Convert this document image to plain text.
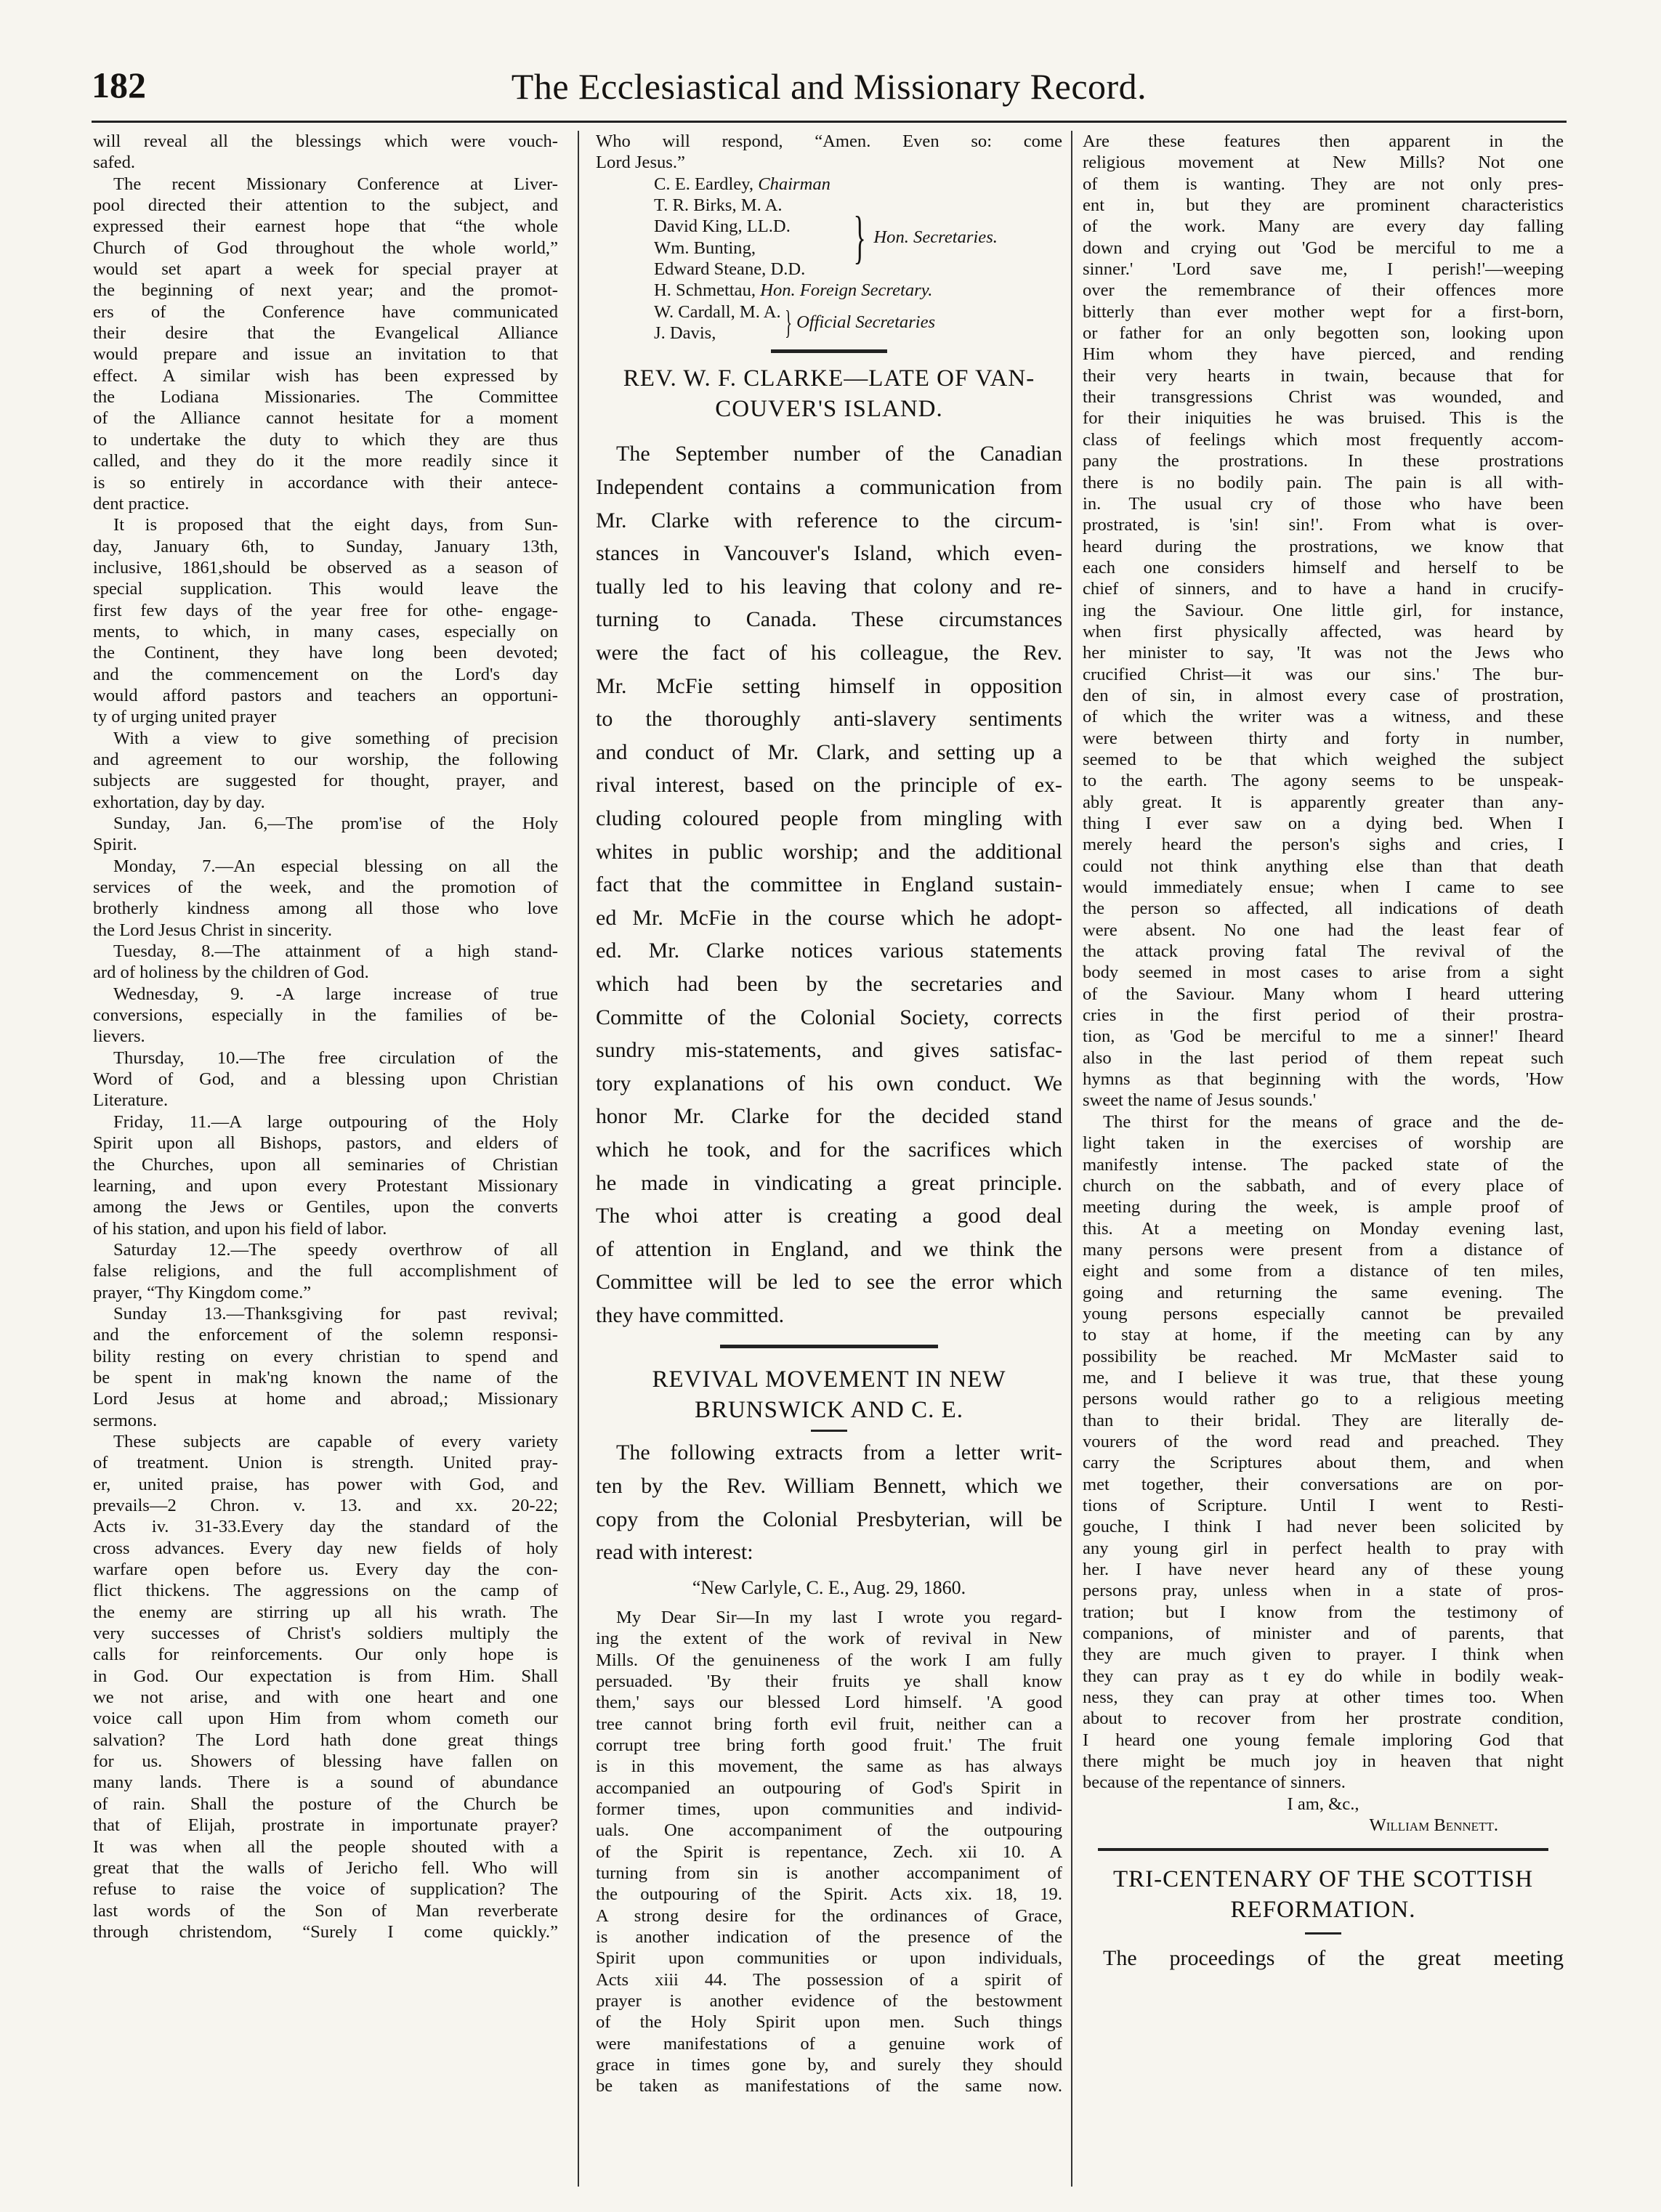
182	The Ecclesiastical and Missionary Record.
will reveal all the blessings which were vouch-
safed.
The recent Missionary Conference at Liver-
pool directed their attention to the subject, and
expressed their earnest hope that “the whole
Church of God throughout the whole world,”
would set apart a week for special prayer at
the beginning of next year; and the promot-
ers of the Conference have communicated
their desire that the Evangelical Alliance
would prepare and issue an invitation to that
effect. A similar wish has been expressed by
the Lodiana Missionaries. The Committee
of the Alliance cannot hesitate for a moment
to undertake the duty to which they are thus
called, and they do it the more readily since it
is so entirely in accordance with their antece-
dent practice.
It is proposed that the eight days, from Sun-
day, January 6th, to Sunday, January 13th,
inclusive, 1861,should be observed as a season of
special supplication. This would leave the
first few days of the year free for othe- engage-
ments, to which, in many cases, especially on
the Continent, they have long been devoted;
and the commencement on the Lord's day
would afford pastors and teachers an opportuni-
ty of urging united prayer
With a view to give something of precision
and agreement to our worship, the following
subjects are suggested for thought, prayer, and
exhortation, day by day.
Sunday, Jan. 6,—The prom'ise of the Holy
Spirit.
Monday, 7.—An especial blessing on all the
services of the week, and the promotion of
brotherly kindness among all those who love
the Lord Jesus Christ in sincerity.
Tuesday, 8.—The attainment of a high stand-
ard of holiness by the children of God.
Wednesday, 9. -A large increase of true
conversions, especially in the families of be-
lievers.
Thursday, 10.—The free circulation of the
Word of God, and a blessing upon Christian
Literature.
Friday, 11.—A large outpouring of the Holy
Spirit upon all Bishops, pastors, and elders of
the Churches, upon all seminaries of Christian
learning, and upon every Protestant Missionary
among the Jews or Gentiles, upon the converts
of his station, and upon his field of labor.
Saturday 12.—The speedy overthrow of all
false religions, and the full accomplishment of
prayer, “Thy Kingdom come.”
Sunday 13.—Thanksgiving for past revival;
and the enforcement of the solemn responsi-
bility resting on every christian to spend and
be spent in mak'ng known the name of the
Lord Jesus at home and abroad,; Missionary
sermons.
These subjects are capable of every variety
of treatment. Union is strength. United pray-
er, united praise, has power with God, and
prevails—2 Chron. v. 13. and xx. 20-22;
Acts iv. 31-33.Every day the standard of the
cross advances. Every day new fields of holy
warfare open before us. Every day the con-
flict thickens. The aggressions on the camp of
the enemy are stirring up all his wrath. The
very successes of Christ's soldiers multiply the
calls for reinforcements. Our only hope is
in God. Our expectation is from Him. Shall
we not arise, and with one heart and one
voice call upon Him from whom cometh our
salvation? The Lord hath done great things
for us. Showers of blessing have fallen on
many lands. There is a sound of abundance
of rain. Shall the posture of the Church be
that of Elijah, prostrate in importunate prayer?
It was when all the people shouted with a
great that the walls of Jericho fell. Who will
refuse to raise the voice of supplication? The
last words of the Son of Man reverberate
through christendom, “Surely I come quickly.”
Who will respond, “Amen. Even so: come
Lord Jesus.”
C. E. Eardley, Chairman
T. R. Birks, M. A.
David King, LL.D.
Wm. Bunting,
Edward Steane, D.D. } Hon. Secretaries.
H. Schmettau, Hon. Foreign Secretary.
W. Cardall, M. A.
J. Davis,	} Official Secretaries

REV. W. F. CLARKE—LATE OF VAN-

COUVER'S ISLAND.

The September number of the Canadian
Independent contains a communication from
Mr. Clarke with reference to the circum-
stances in Vancouver's Island, which even-
tually led to his leaving that colony and re-
turning to Canada. These circumstances
were the fact of his colleague, the Rev.
Mr. McFie setting himself in opposition
to the thoroughly anti-slavery sentiments
and conduct of Mr. Clark, and setting up a
rival interest, based on the principle of ex-
cluding coloured people from mingling with
whites in public worship; and the additional
fact that the committee in England sustain-
ed Mr. McFie in the course which he adopt-
ed. Mr. Clarke notices various statements
which had been by the secretaries and
Committe of the Colonial Society, corrects
sundry mis-statements, and gives satisfac-
tory explanations of his own conduct. We
honor Mr. Clarke for the decided stand
which he took, and for the sacrifices which
he made in vindicating a great principle.
The whoi atter is creating a good deal
of attention in England, and we think the
Committee will be led to see the error which
they have committed.

REVIVAL MOVEMENT IN NEW

BRUNSWICK AND C. E.

The following extracts from a letter writ-
ten by the Rev. William Bennett, which we
copy from the Colonial Presbyterian, will be
read with interest:

“New Carlyle, C. E., Aug. 29, 1860.

My Dear Sir—In my last I wrote you regard-
ing the extent of the work of revival in New
Mills. Of the genuineness of the work I am fully
persuaded. 'By their fruits ye shall know
them,' says our blessed Lord himself. 'A good
tree cannot bring forth evil fruit, neither can a
corrupt tree bring forth good fruit.' The fruit
is in this movement, the same as has always
accompanied an outpouring of God's Spirit in
former times, upon communities and individ-
uals. One accompaniment of the outpouring
of the Spirit is repentance, Zech. xii 10. A
turning from sin is another accompaniment of
the outpouring of the Spirit. Acts xix. 18, 19.
A strong desire for the ordinances of Grace,
is another indication of the presence of the
Spirit upon communities or upon individuals,
Acts xiii 44. The possession of a spirit of
prayer is another evidence of the bestowment
of the Holy Spirit upon men. Such things
were manifestations of a genuine work of
grace in times gone by, and surely they should
be taken as manifestations of the same now.
Are these features then apparent in the
religious movement at New Mills? Not one
of them is wanting. They are not only pres-
ent in, but they are prominent characteristics
of the work. Many are every day falling
down and crying out 'God be merciful to me a
sinner.' 'Lord save me, I perish!'—weeping
over the remembrance of their offences more
bitterly than ever mother wept for a first-born,
or father for an only begotten son, looking upon
Him whom they have pierced, and rending
their very hearts in twain, because that for
their transgressions Christ was wounded, and
for their iniquities he was bruised. This is the
class of feelings which most frequently accom-
pany the prostrations. In these prostrations
there is no bodily pain. The pain is all with-
in. The usual cry of those who have been
prostrated, is 'sin! sin!'. From what is over-
heard during the prostrations, we know that
each one considers himself and herself to be
chief of sinners, and to have a hand in crucify-
ing the Saviour. One little girl, for instance,
when first physically affected, was heard by
her minister to say, 'It was not the Jews who
crucified Christ—it was our sins.' The bur-
den of sin, in almost every case of prostration,
of which the writer was a witness, and these
were between thirty and forty in number,
seemed to be that which weighed the subject
to the earth. The agony seems to be unspeak-
ably great. It is apparently greater than any-
thing I ever saw on a dying bed. When I
merely heard the person's sighs and cries, I
could not think anything else than that death
would immediately ensue; when I came to see
the person so affected, all indications of death
were absent. No one had the least fear of
the attack proving fatal The revival of the
body seemed in most cases to arise from a sight
of the Saviour. Many whom I heard uttering
cries in the first period of their prostra-
tion, as 'God be merciful to me a sinner!' Iheard
also in the last period of them repeat such
hymns as that beginning with the words, 'How
sweet the name of Jesus sounds.'
The thirst for the means of grace and the de-
light taken in the exercises of worship are
manifestly intense. The packed state of the
church on the sabbath, and of every place of
meeting during the week, is ample proof of
this. At a meeting on Monday evening last,
many persons were present from a distance of
eight and some from a distance of ten miles,
going and returning the same evening. The
young persons especially cannot be prevailed
to stay at home, if the meeting can by any
possibility be reached. Mr McMaster said to
me, and I believe it was true, that these young
persons would rather go to a religious meeting
than to their bridal. They are literally de-
vourers of the word read and preached. They
carry the Scriptures about them, and when
met together, their conversations are on por-
tions of Scripture. Until I went to Resti-
gouche, I think I had never been solicited by
any young girl in perfect health to pray with
her. I have never heard any of these young
persons pray, unless when in a state of pros-
tration; but I know from the testimony of
companions, of minister and of parents, that
they are much given to prayer. I think when
they can pray as t ey do while in bodily weak-
ness, they can pray at other times too. When
about to recover from her prostrate condition,
I heard one young female imploring God that
there might be much joy in heaven that night
because of the repentance of sinners.

I am, &c.,

William Bennett.

TRI-CENTENARY OF THE SCOTTISH

REFORMATION.

The proceedings of the great meeting
